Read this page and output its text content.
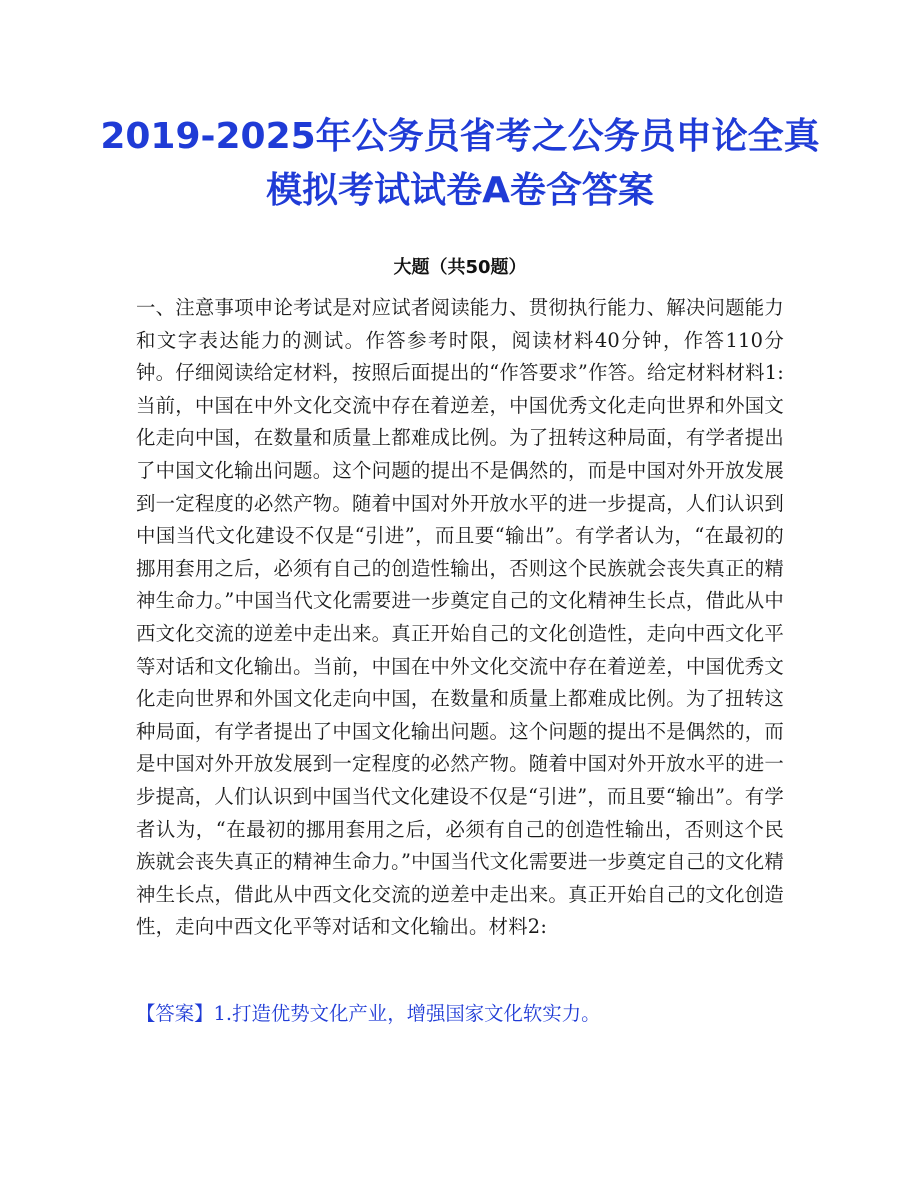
2019-2025年公务员省考之公务员申论全真模拟考试试卷A卷含答案
大题（共50题）

一、注意事项申论考试是对应试者阅读能力、贯彻执行能力、解决问题能力和文字表达能力的测试。作答参考时限，阅读材料40分钟，作答110分钟。仔细阅读给定材料，按照后面提出的“作答要求”作答。给定材料材料1:当前，中国在中外文化交流中存在着逆差，中国优秀文化走向世界和外国文化走向中国，在数量和质量上都难成比例。为了扭转这种局面，有学者提出了中国文化输出问题。这个问题的提出不是偶然的，而是中国对外开放发展到一定程度的必然产物。随着中国对外开放水平的进一步提高，人们认识到中国当代文化建设不仅是“引进”，而且要“输出”。有学者认为，“在最初的挪用套用之后，必须有自己的创造性输出，否则这个民族就会丧失真正的精神生命力。”中国当代文化需要进一步奠定自己的文化精神生长点，借此从中西文化交流的逆差中走出来。真正开始自己的文化创造性，走向中西文化平等对话和文化输出。当前，中国在中外文化交流中存在着逆差，中国优秀文化走向世界和外国文化走向中国，在数量和质量上都难成比例。为了扭转这种局面，有学者提出了中国文化输出问题。这个问题的提出不是偶然的，而是中国对外开放发展到一定程度的必然产物。随着中国对外开放水平的进一步提高，人们认识到中国当代文化建设不仅是“引进”，而且要“输出”。有学者认为，“在最初的挪用套用之后，必须有自己的创造性输出，否则这个民族就会丧失真正的精神生命力。”中国当代文化需要进一步奠定自己的文化精神生长点，借此从中西文化交流的逆差中走出来。真正开始自己的文化创造性，走向中西文化平等对话和文化输出。材料2:

【答案】1.打造优势文化产业，增强国家文化软实力。
